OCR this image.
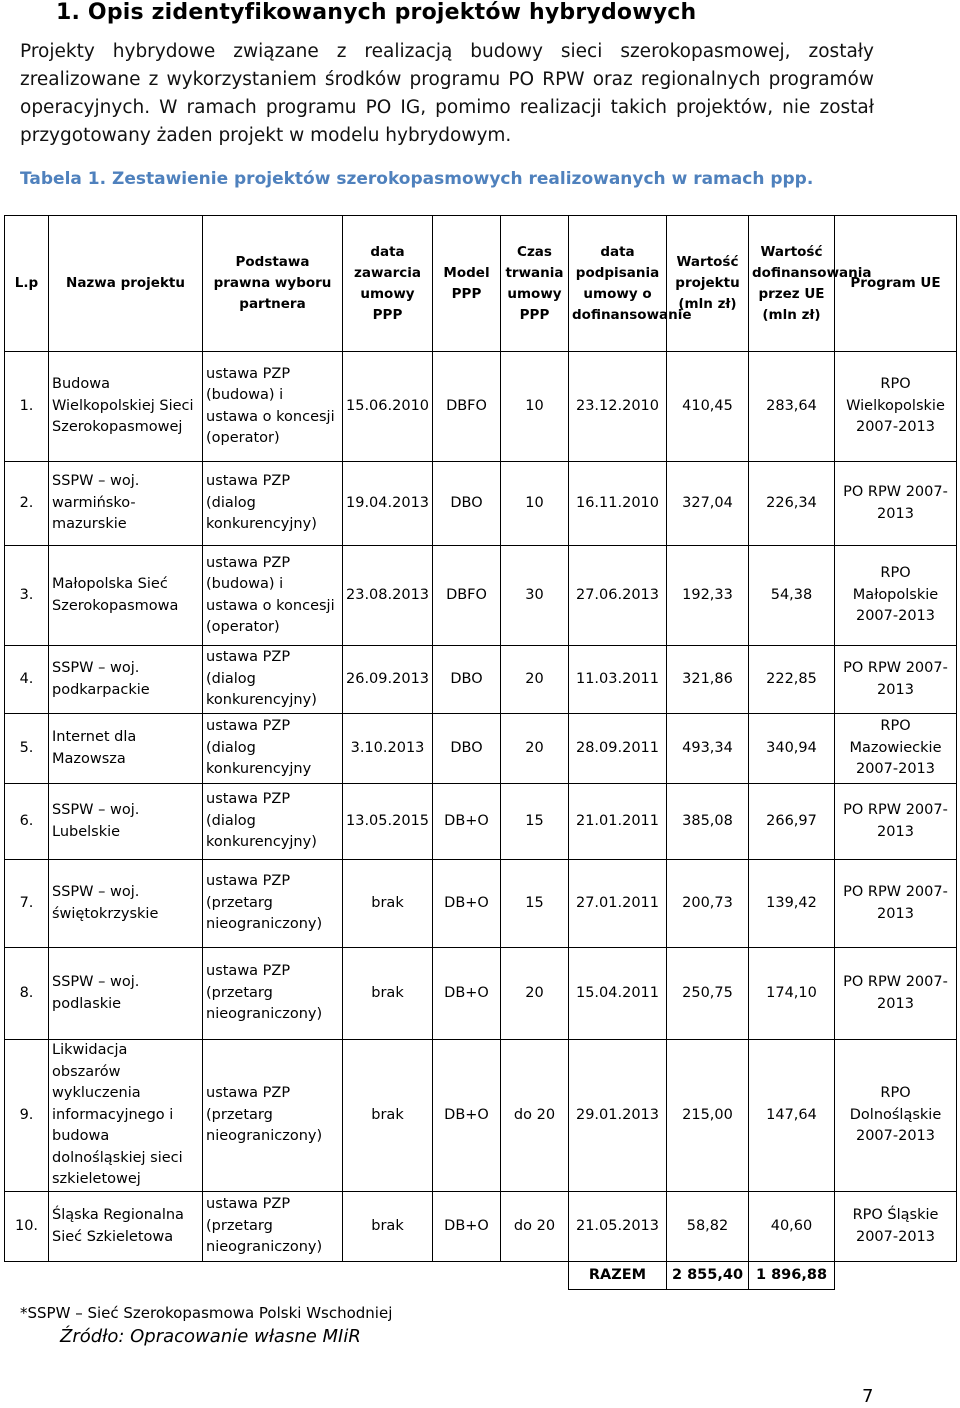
1. Opis zidentyfikowanych projektów hybrydowych
Projekty hybrydowe związane z realizacją budowy sieci szerokopasmowej, zostały zrealizowane z wykorzystaniem środków programu PO RPW oraz regionalnych programów operacyjnych. W ramach programu PO IG, pomimo realizacji takich projektów, nie został przygotowany żaden projekt w modelu hybrydowym.
Tabela 1. Zestawienie projektów szerokopasmowych realizowanych w ramach ppp.
L.p	Nazwa projektu	Podstawa prawna wyboru partnera	data zawarcia umowy PPP	Model PPP	Czas trwania umowy PPP	data podpisania umowy o dofinansowanie	Wartość projektu (mln zł)	Wartość dofinansowania przez UE (mln zł)	Program UE
1.	Budowa Wielkopolskiej Sieci Szerokopasmowej	ustawa PZP (budowa) i ustawa o koncesji (operator)	15.06.2010	DBFO	10	23.12.2010	410,45	283,64	RPO Wielkopolskie 2007-2013
2.	SSPW – woj. warmińsko-mazurskie	ustawa PZP (dialog konkurencyjny)	19.04.2013	DBO	10	16.11.2010	327,04	226,34	PO RPW 2007-2013
3.	Małopolska Sieć Szerokopasmowa	ustawa PZP (budowa) i ustawa o koncesji (operator)	23.08.2013	DBFO	30	27.06.2013	192,33	54,38	RPO Małopolskie 2007-2013
4.	SSPW – woj. podkarpackie	ustawa PZP (dialog konkurencyjny)	26.09.2013	DBO	20	11.03.2011	321,86	222,85	PO RPW 2007-2013
5.	Internet dla Mazowsza	ustawa PZP (dialog konkurencyjny	3.10.2013	DBO	20	28.09.2011	493,34	340,94	RPO Mazowieckie 2007-2013
6.	SSPW – woj. Lubelskie	ustawa PZP (dialog konkurencyjny)	13.05.2015	DB+O	15	21.01.2011	385,08	266,97	PO RPW 2007-2013
7.	SSPW – woj. świętokrzyskie	ustawa PZP (przetarg nieograniczony)	brak	DB+O	15	27.01.2011	200,73	139,42	PO RPW 2007-2013
8.	SSPW – woj. podlaskie	ustawa PZP (przetarg nieograniczony)	brak	DB+O	20	15.04.2011	250,75	174,10	PO RPW 2007-2013
9.	Likwidacja obszarów wykluczenia informacyjnego i budowa dolnośląskiej sieci szkieletowej	ustawa PZP (przetarg nieograniczony)	brak	DB+O	do 20	29.01.2013	215,00	147,64	RPO Dolnośląskie 2007-2013
10.	Śląska Regionalna Sieć Szkieletowa	ustawa PZP (przetarg nieograniczony)	brak	DB+O	do 20	21.05.2013	58,82	40,60	RPO Śląskie 2007-2013
						RAZEM	2 855,40	1 896,88	
*SSPW – Sieć Szerokopasmowa Polski Wschodniej
Źródło: Opracowanie własne MIiR
7
